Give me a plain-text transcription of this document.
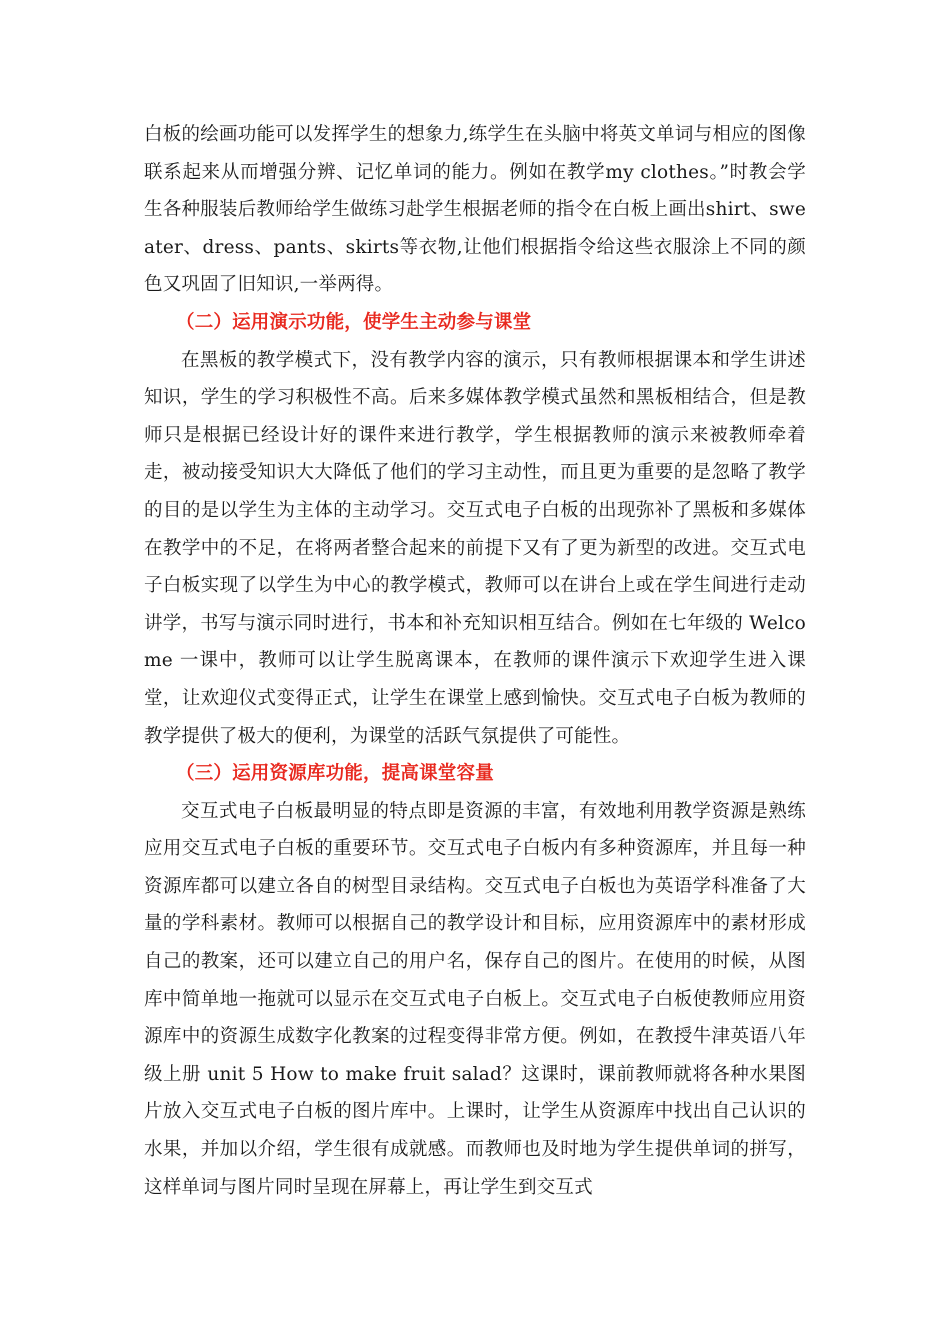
白板的绘画功能可以发挥学生的想象力,练学生在头脑中将英文单词与相应的图像联系起来从而增强分辨、记忆单词的能力。例如在教学my clothes。”时教会学生各种服装后教师给学生做练习赴学生根据老师的指令在白板上画出shirt、sweater、dress、pants、skirts等衣物,让他们根据指令给这些衣服涂上不同的颜色又巩固了旧知识,一举两得。

（二）运用演示功能，使学生主动参与课堂

在黑板的教学模式下，没有教学内容的演示，只有教师根据课本和学生讲述知识，学生的学习积极性不高。后来多媒体教学模式虽然和黑板相结合，但是教师只是根据已经设计好的课件来进行教学，学生根据教师的演示来被教师牵着走，被动接受知识大大降低了他们的学习主动性，而且更为重要的是忽略了教学的目的是以学生为主体的主动学习。交互式电子白板的出现弥补了黑板和多媒体在教学中的不足，在将两者整合起来的前提下又有了更为新型的改进。交互式电子白板实现了以学生为中心的教学模式，教师可以在讲台上或在学生间进行走动讲学，书写与演示同时进行，书本和补充知识相互结合。例如在七年级的 Welcome 一课中，教师可以让学生脱离课本，在教师的课件演示下欢迎学生进入课堂，让欢迎仪式变得正式，让学生在课堂上感到愉快。交互式电子白板为教师的教学提供了极大的便利，为课堂的活跃气氛提供了可能性。

（三）运用资源库功能，提高课堂容量

交互式电子白板最明显的特点即是资源的丰富，有效地利用教学资源是熟练应用交互式电子白板的重要环节。交互式电子白板内有多种资源库，并且每一种资源库都可以建立各自的树型目录结构。交互式电子白板也为英语学科准备了大量的学科素材。教师可以根据自己的教学设计和目标，应用资源库中的素材形成自己的教案，还可以建立自己的用户名，保存自己的图片。在使用的时候，从图库中简单地一拖就可以显示在交互式电子白板上。交互式电子白板使教师应用资源库中的资源生成数字化教案的过程变得非常方便。例如，在教授牛津英语八年级上册 unit 5 How to make fruit salad？这课时，课前教师就将各种水果图片放入交互式电子白板的图片库中。上课时，让学生从资源库中找出自己认识的水果，并加以介绍，学生很有成就感。而教师也及时地为学生提供单词的拼写，这样单词与图片同时呈现在屏幕上，再让学生到交互式
